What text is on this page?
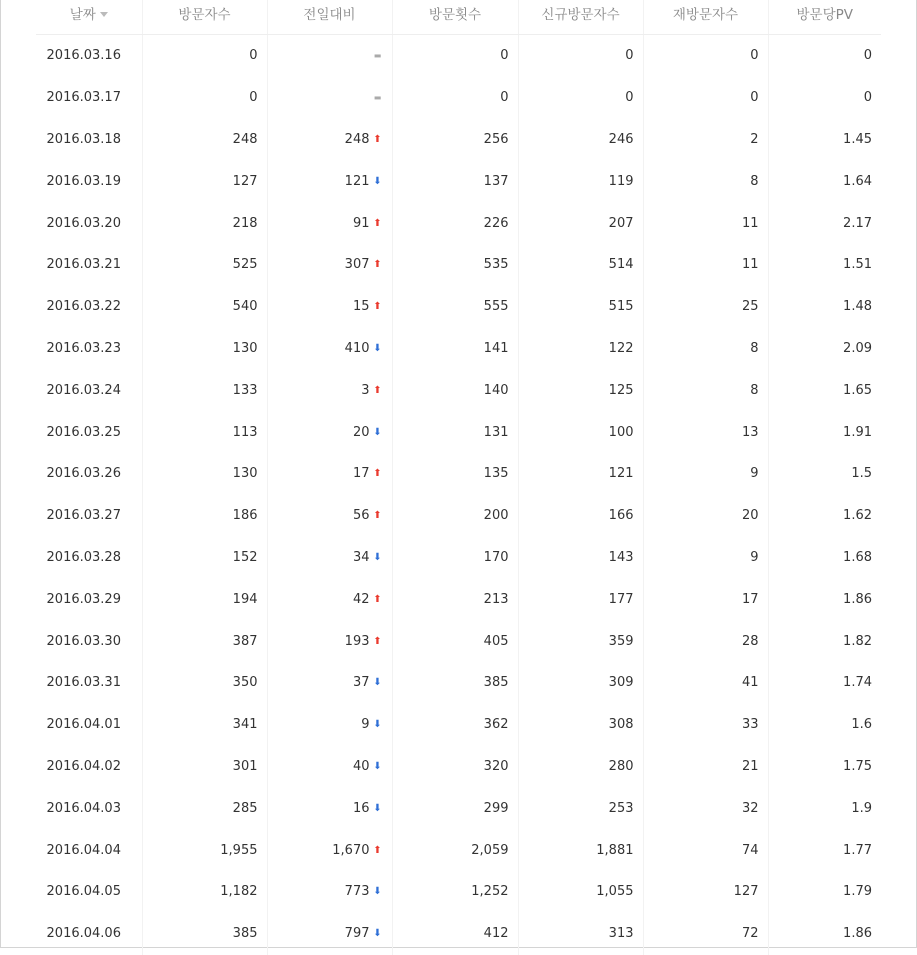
날짜	방문자수	전일대비	방문횟수	신규방문자수	재방문자수	방문당PV
2016.03.16	0	▬	0	0	0	0
2016.03.17	0	▬	0	0	0	0
2016.03.18	248	248 ⬆	256	246	2	1.45
2016.03.19	127	121 ⬇	137	119	8	1.64
2016.03.20	218	91 ⬆	226	207	11	2.17
2016.03.21	525	307 ⬆	535	514	11	1.51
2016.03.22	540	15 ⬆	555	515	25	1.48
2016.03.23	130	410 ⬇	141	122	8	2.09
2016.03.24	133	3 ⬆	140	125	8	1.65
2016.03.25	113	20 ⬇	131	100	13	1.91
2016.03.26	130	17 ⬆	135	121	9	1.5
2016.03.27	186	56 ⬆	200	166	20	1.62
2016.03.28	152	34 ⬇	170	143	9	1.68
2016.03.29	194	42 ⬆	213	177	17	1.86
2016.03.30	387	193 ⬆	405	359	28	1.82
2016.03.31	350	37 ⬇	385	309	41	1.74
2016.04.01	341	9 ⬇	362	308	33	1.6
2016.04.02	301	40 ⬇	320	280	21	1.75
2016.04.03	285	16 ⬇	299	253	32	1.9
2016.04.04	1,955	1,670 ⬆	2,059	1,881	74	1.77
2016.04.05	1,182	773 ⬇	1,252	1,055	127	1.79
2016.04.06	385	797 ⬇	412	313	72	1.86
